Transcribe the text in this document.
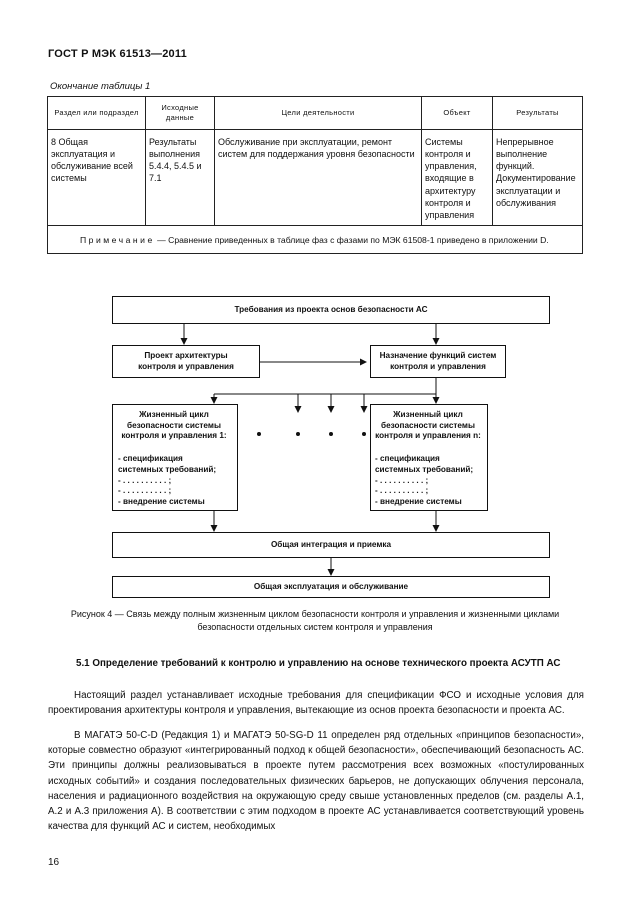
ГОСТ Р МЭК 61513—2011
Окончание таблицы 1
Раздел или подраздел	Исходные данные	Цели деятельности	Объект	Результаты
8 Общая эксплуатация и обслуживание всей системы	Результаты выполнения 5.4.4, 5.4.5 и 7.1	Обслуживание при эксплуатации, ремонт систем для поддержания уровня безопасности	Системы контроля и управления, входящие в архитектуру контроля и управления	Непрерывное выполнение функций. Документирование эксплуатации и обслуживания
Примечание — Сравнение приведенных в таблице фаз с фазами по МЭК 61508-1 приведено в приложении D.				
Требования из проекта основ безопасности АС
Проект архитектуры контроля и управления
Назначение функций систем контроля и управления
Жизненный цикл безопасности системы контроля и управления 1:
- спецификация системных требований;
- . . . . . . . . . . ;
- . . . . . . . . . . ;
- внедрение системы
Жизненный цикл безопасности системы контроля и управления n:
- спецификация системных требований;
- . . . . . . . . . . ;
- . . . . . . . . . . ;
- внедрение системы
Общая интеграция и приемка
Общая эксплуатация и обслуживание
Рисунок 4 — Связь между полным жизненным циклом безопасности контроля и управления и жизненными циклами безопасности отдельных систем контроля и управления
5.1 Определение требований к контролю и управлению на основе технического проекта АСУТП АС
Настоящий раздел устанавливает исходные требования для спецификации ФСО и исходные условия для проектирования архитектуры контроля и управления, вытекающие из основ проекта безопасности и проекта АС.
В МАГАТЭ 50-С-D (Редакция 1) и МАГАТЭ 50-SG-D 11 определен ряд отдельных «принципов безопасности», которые совместно образуют «интегрированный подход к общей безопасности», обеспечивающий безопасность АС. Эти принципы должны реализовываться в проекте путем рассмотрения всех возможных «постулированных исходных событий» и создания последовательных физических барьеров, не допускающих облучения персонала, населения и радиационного воздействия на окружающую среду свыше установленных пределов (см. разделы А.1, А.2 и А.3 приложения А). В соответствии с этим подходом в проекте АС устанавливается соответствующий уровень качества для функций АС и систем, необходимых
16
